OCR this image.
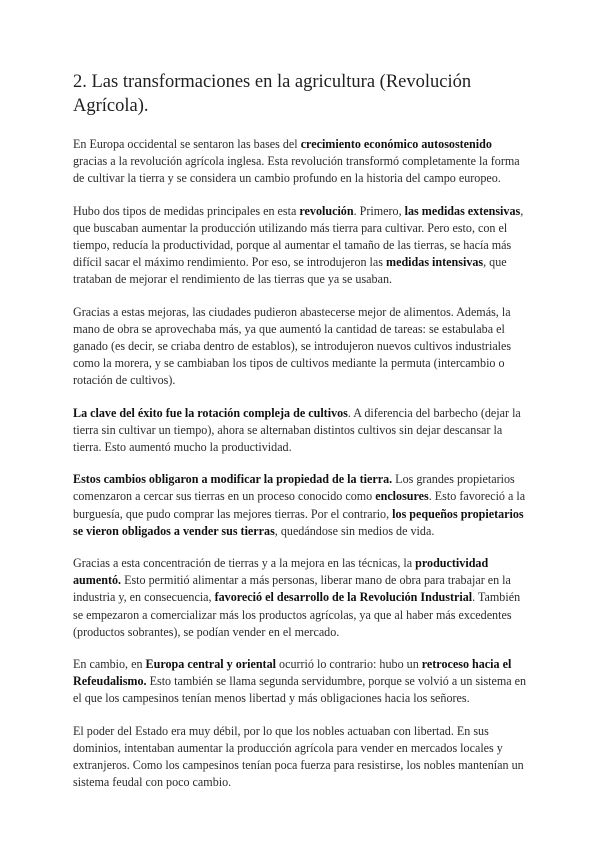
2. Las transformaciones en la agricultura (Revolución Agrícola).

En Europa occidental se sentaron las bases del crecimiento económico autosostenido gracias a la revolución agrícola inglesa. Esta revolución transformó completamente la forma de cultivar la tierra y se considera un cambio profundo en la historia del campo europeo.

Hubo dos tipos de medidas principales en esta revolución. Primero, las medidas extensivas, que buscaban aumentar la producción utilizando más tierra para cultivar. Pero esto, con el tiempo, reducía la productividad, porque al aumentar el tamaño de las tierras, se hacía más difícil sacar el máximo rendimiento. Por eso, se introdujeron las medidas intensivas, que trataban de mejorar el rendimiento de las tierras que ya se usaban.

Gracias a estas mejoras, las ciudades pudieron abastecerse mejor de alimentos. Además, la mano de obra se aprovechaba más, ya que aumentó la cantidad de tareas: se estabulaba el ganado (es decir, se criaba dentro de establos), se introdujeron nuevos cultivos industriales como la morera, y se cambiaban los tipos de cultivos mediante la permuta (intercambio o rotación de cultivos).

La clave del éxito fue la rotación compleja de cultivos. A diferencia del barbecho (dejar la tierra sin cultivar un tiempo), ahora se alternaban distintos cultivos sin dejar descansar la tierra. Esto aumentó mucho la productividad.

Estos cambios obligaron a modificar la propiedad de la tierra. Los grandes propietarios comenzaron a cercar sus tierras en un proceso conocido como enclosures. Esto favoreció a la burguesía, que pudo comprar las mejores tierras. Por el contrario, los pequeños propietarios se vieron obligados a vender sus tierras, quedándose sin medios de vida.

Gracias a esta concentración de tierras y a la mejora en las técnicas, la productividad aumentó. Esto permitió alimentar a más personas, liberar mano de obra para trabajar en la industria y, en consecuencia, favoreció el desarrollo de la Revolución Industrial. También se empezaron a comercializar más los productos agrícolas, ya que al haber más excedentes (productos sobrantes), se podían vender en el mercado.

En cambio, en Europa central y oriental ocurrió lo contrario: hubo un retroceso hacia el Refeudalismo. Esto también se llama segunda servidumbre, porque se volvió a un sistema en el que los campesinos tenían menos libertad y más obligaciones hacia los señores.

El poder del Estado era muy débil, por lo que los nobles actuaban con libertad. En sus dominios, intentaban aumentar la producción agrícola para vender en mercados locales y extranjeros. Como los campesinos tenían poca fuerza para resistirse, los nobles mantenían un sistema feudal con poco cambio.
